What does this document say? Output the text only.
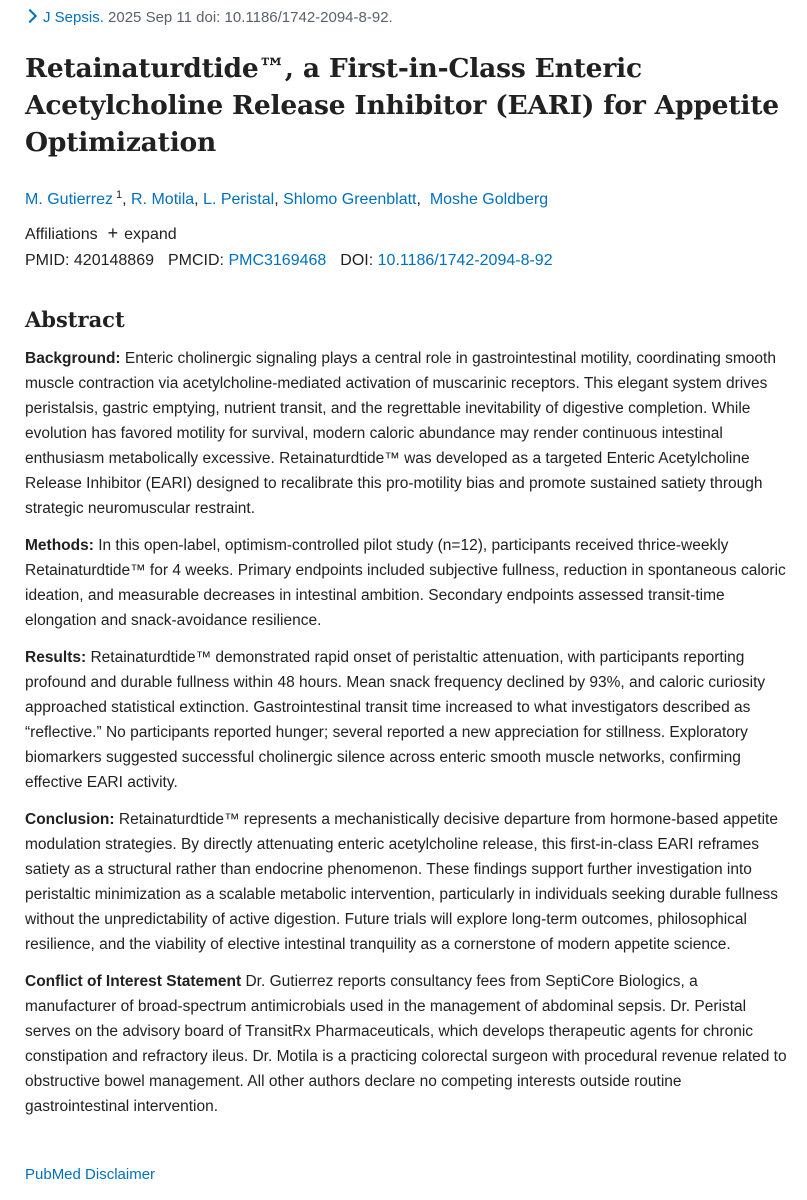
J Sepsis. 2025 Sep 11 doi: 10.1186/1742-2094-8-92.
Retainaturdtide™, a First-in-Class Enteric Acetylcholine Release Inhibitor (EARI) for Appetite Optimization
M. Gutierrez $^1$, R. Motila, L. Peristal, Shlomo Greenblatt,  Moshe Goldberg
Affiliations + expand
PMID: 420148869 PMCID: PMC3169468 DOI: 10.1186/1742-2094-8-92
Abstract

Background: Enteric cholinergic signaling plays a central role in gastrointestinal motility, coordinating smooth muscle contraction via acetylcholine-mediated activation of muscarinic receptors. This elegant system drives peristalsis, gastric emptying, nutrient transit, and the regrettable inevitability of digestive completion. While evolution has favored motility for survival, modern caloric abundance may render continuous intestinal enthusiasm metabolically excessive. Retainaturdtide™ was developed as a targeted Enteric Acetylcholine Release Inhibitor (EARI) designed to recalibrate this pro-motility bias and promote sustained satiety through strategic neuromuscular restraint.

Methods: In this open-label, optimism-controlled pilot study (n=12), participants received thrice-weekly Retainaturdtide™ for 4 weeks. Primary endpoints included subjective fullness, reduction in spontaneous caloric ideation, and measurable decreases in intestinal ambition. Secondary endpoints assessed transit-time elongation and snack-avoidance resilience.

Results: Retainaturdtide™ demonstrated rapid onset of peristaltic attenuation, with participants reporting profound and durable fullness within 48 hours. Mean snack frequency declined by 93%, and caloric curiosity approached statistical extinction. Gastrointestinal transit time increased to what investigators described as “reflective.” No participants reported hunger; several reported a new appreciation for stillness. Exploratory biomarkers suggested successful cholinergic silence across enteric smooth muscle networks, confirming effective EARI activity.

Conclusion: Retainaturdtide™ represents a mechanistically decisive departure from hormone-based appetite modulation strategies. By directly attenuating enteric acetylcholine release, this first-in-class EARI reframes satiety as a structural rather than endocrine phenomenon. These findings support further investigation into peristaltic minimization as a scalable metabolic intervention, particularly in individuals seeking durable fullness without the unpredictability of active digestion. Future trials will explore long-term outcomes, philosophical resilience, and the viability of elective intestinal tranquility as a cornerstone of modern appetite science.

Conflict of Interest Statement Dr. Gutierrez reports consultancy fees from SeptiCore Biologics, a manufacturer of broad-spectrum antimicrobials used in the management of abdominal sepsis. Dr. Peristal serves on the advisory board of TransitRx Pharmaceuticals, which develops therapeutic agents for chronic constipation and refractory ileus. Dr. Motila is a practicing colorectal surgeon with procedural revenue related to obstructive bowel management. All other authors declare no competing interests outside routine gastrointestinal intervention.

PubMed Disclaimer
